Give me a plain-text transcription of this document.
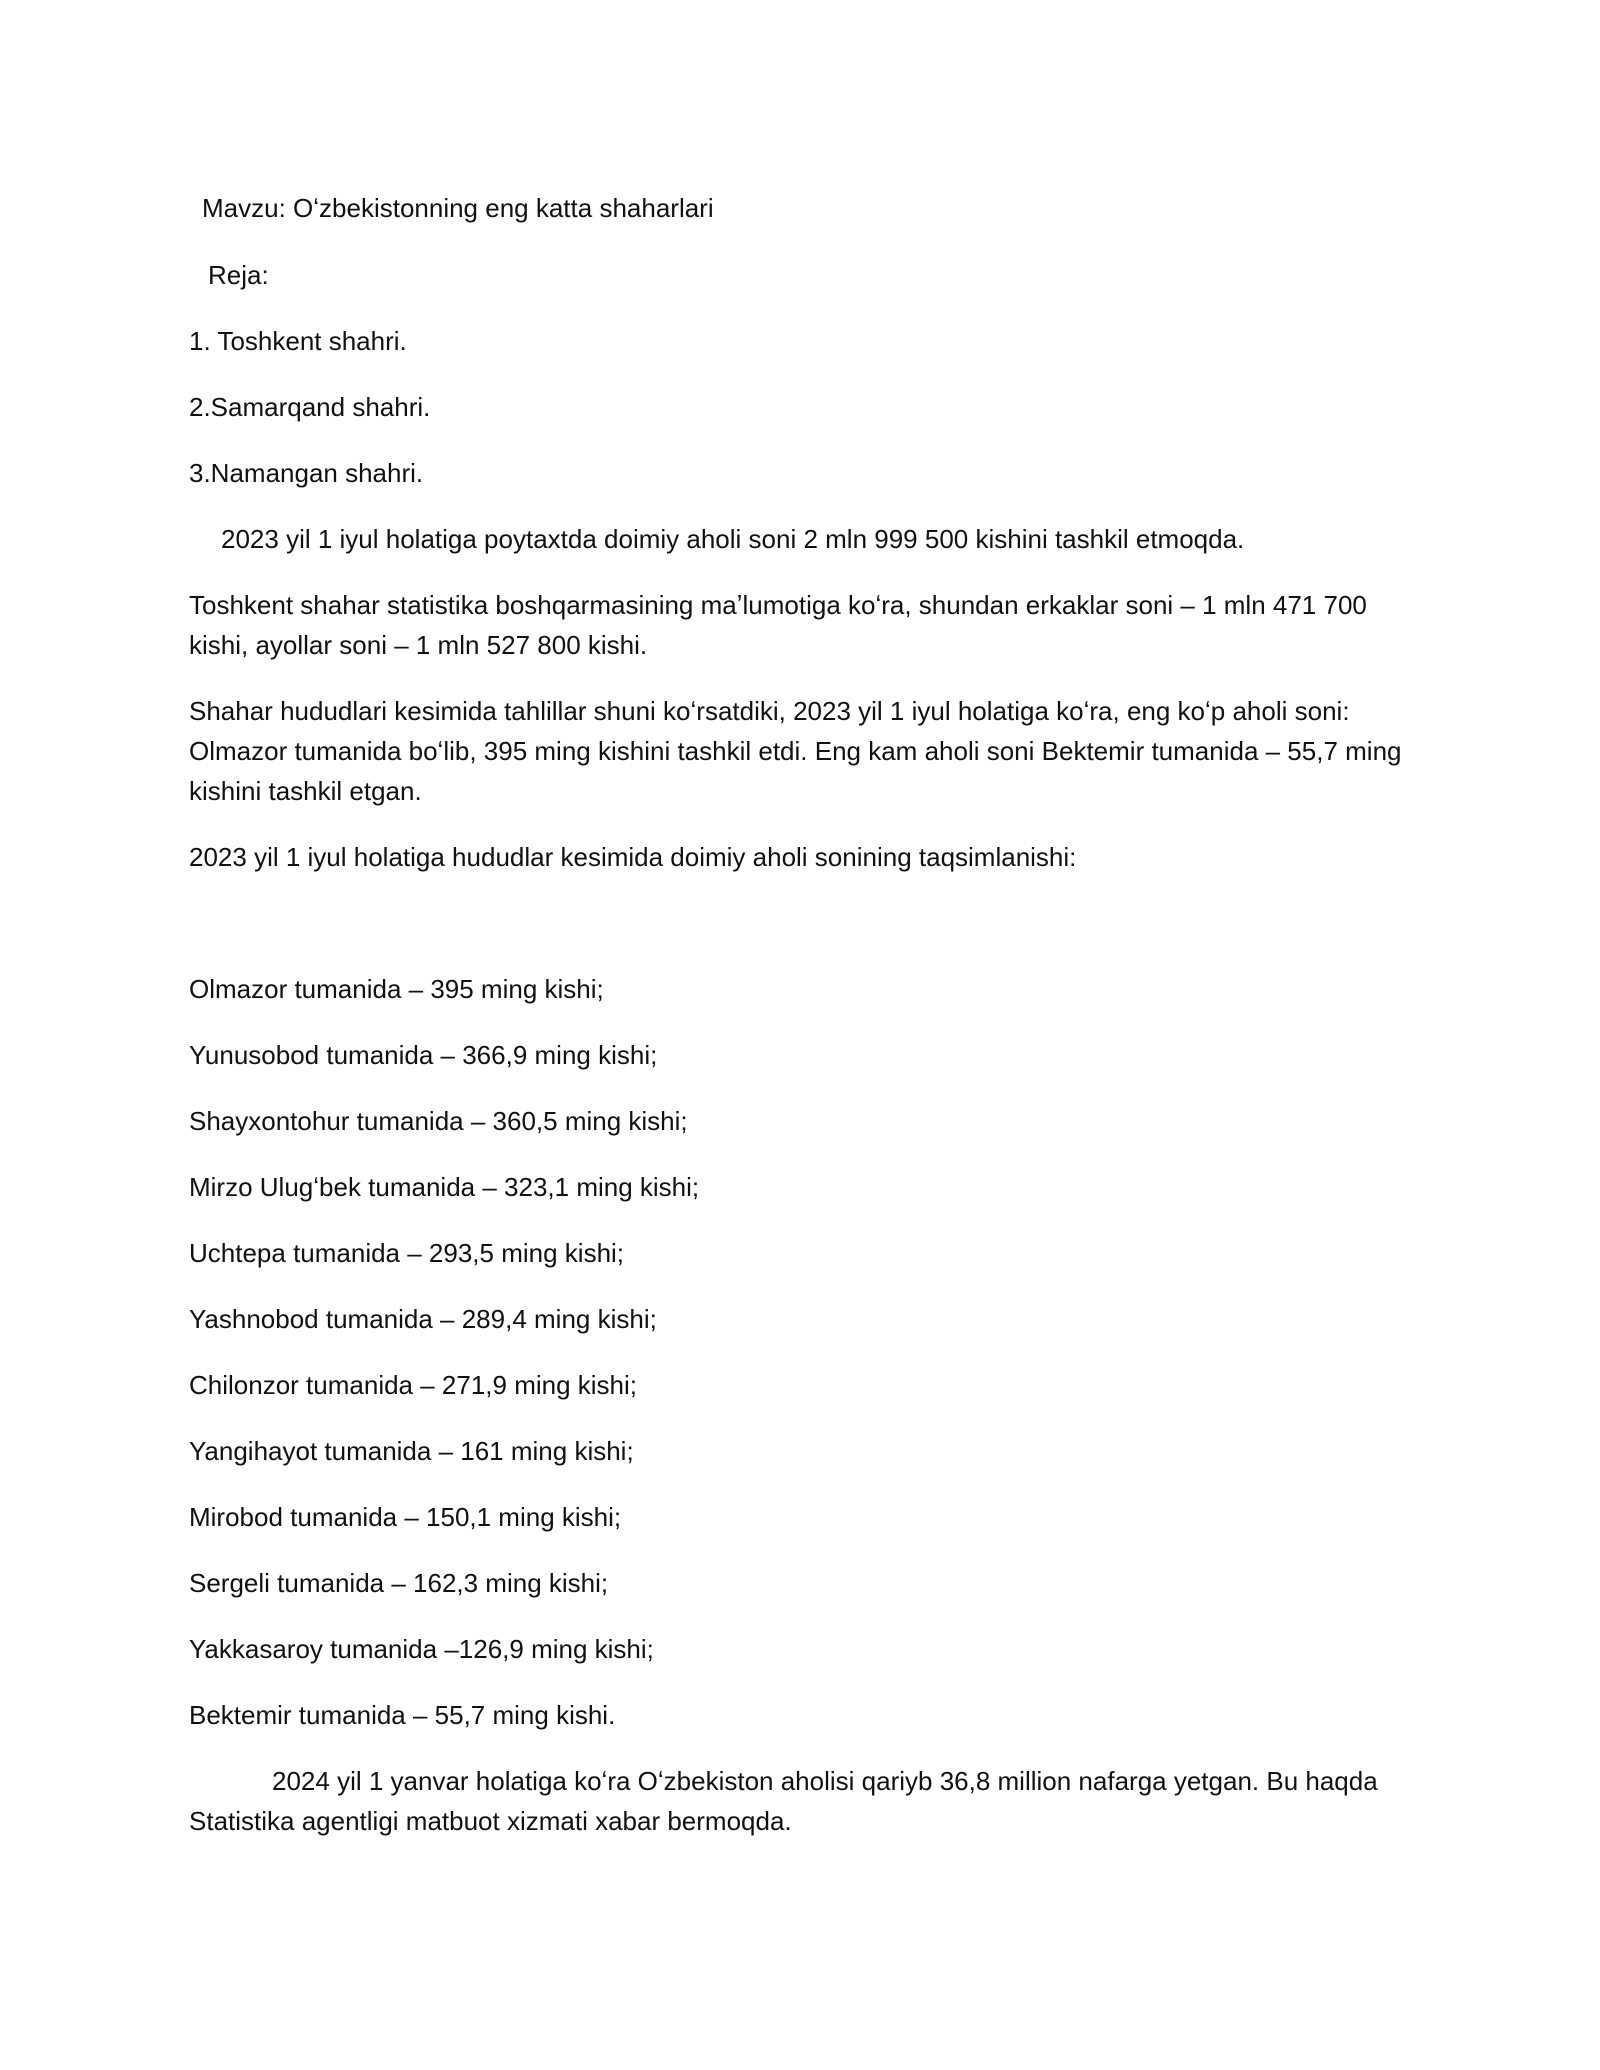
Mavzu: Oʻzbekistonning eng katta shaharlari

Reja:

1. Toshkent shahri.

2.Samarqand shahri.

3.Namangan shahri.

2023 yil 1 iyul holatiga poytaxtda doimiy aholi soni 2 mln 999 500 kishini tashkil etmoqda.

Toshkent shahar statistika boshqarmasining maʼlumotiga koʻra, shundan erkaklar soni – 1 mln 471 700 kishi, ayollar soni – 1 mln 527 800 kishi.

Shahar hududlari kesimida tahlillar shuni koʻrsatdiki, 2023 yil 1 iyul holatiga koʻra, eng koʻp aholi soni: Olmazor tumanida boʻlib, 395 ming kishini tashkil etdi. Eng kam aholi soni Bektemir tumanida – 55,7 ming kishini tashkil etgan.

2023 yil 1 iyul holatiga hududlar kesimida doimiy aholi sonining taqsimlanishi:

Olmazor tumanida – 395 ming kishi;

Yunusobod tumanida – 366,9 ming kishi;

Shayxontohur tumanida – 360,5 ming kishi;

Mirzo Ulugʻbek tumanida – 323,1 ming kishi;

Uchtepa tumanida – 293,5 ming kishi;

Yashnobod tumanida – 289,4 ming kishi;

Chilonzor tumanida – 271,9 ming kishi;

Yangihayot tumanida – 161 ming kishi;

Mirobod tumanida – 150,1 ming kishi;

Sergeli tumanida – 162,3 ming kishi;

Yakkasaroy tumanida –126,9 ming kishi;

Bektemir tumanida – 55,7 ming kishi.

2024 yil 1 yanvar holatiga koʻra Oʻzbekiston aholisi qariyb 36,8 million nafarga yetgan. Bu haqda Statistika agentligi matbuot xizmati xabar bermoqda.
